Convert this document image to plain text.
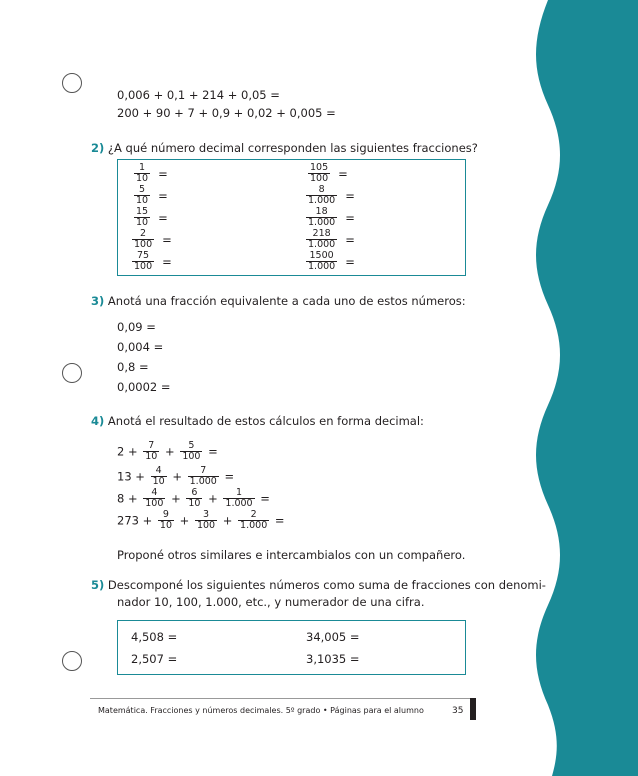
0,006 + 0,1 + 214 + 0,05 =
200 + 90 + 7 + 0,9 + 0,02 + 0,005 =
2) ¿A qué número decimal corresponden las siguientes fracciones?
$\frac{1}{10}$ =
$\frac{5}{10}$ =
$\frac{15}{10}$ =
$\frac{2}{100}$ =
$\frac{75}{100}$ =
$\frac{105}{100}$ =
$\frac{8}{1.000}$ =
$\frac{18}{1.000}$ =
$\frac{218}{1.000}$ =
$\frac{1500}{1.000}$ =
3) Anotá una fracción equivalente a cada uno de estos números:
0,09 =
0,004 =
0,8 =
0,0002 =
4) Anotá el resultado de estos cálculos en forma decimal:
$2 + \frac{7}{10} + \frac{5}{100}$ =
$13 + \frac{4}{10} + \frac{7}{1.000}$ =
$8 + \frac{4}{100} + \frac{6}{10} + \frac{1}{1.000}$ =
$273 + \frac{9}{10} + \frac{3}{100} + \frac{2}{1.000}$ =
Proponé otros similares e intercambialos con un compañero.
5) Descomponé los siguientes números como suma de fracciones con denomi-
nador 10, 100, 1.000, etc., y numerador de una cifra.
4,508 =
2,507 =
34,005 =
3,1035 =
Matemática. Fracciones y números decimales. 5º grado • Páginas para el alumno	35
